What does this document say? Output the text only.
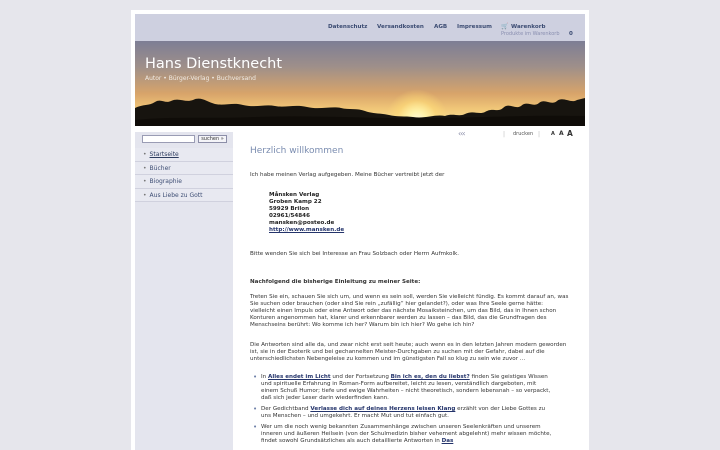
Datenschutz Versandkosten AGB Impressum 🛒 Warenkorb
Produkte im Warenkorb 0
Hans Dienstknecht
Autor • Bürger-Verlag • Buchversand
suchen »
• Startseite
• Bücher
• Biographie
• Aus Liebe zu Gott
‹‹‹	| drucken | A A A
Herzlich willkommen
Ich habe meinen Verlag aufgegeben. Meine Bücher vertreibt jetzt der
Månsken Verlag
Groben Kamp 22
59929 Brilon
02961/54846
mansken@posteo.de
http://www.mansken.de
Bitte wenden Sie sich bei Interesse an Frau Solzbach oder Herrn Aufmkolk.
Nachfolgend die bisherige Einleitung zu meiner Seite:
Treten Sie ein, schauen Sie sich um, und wenn es sein soll, werden Sie vielleicht fündig. Es kommt darauf an, was Sie suchen oder brauchen (oder sind Sie rein „zufällig“ hier gelandet?), oder was Ihre Seele gerne hätte: vielleicht einen Impuls oder eine Antwort oder das nächste Mosaiksteinchen, um das Bild, das in Ihnen schon Konturen angenommen hat, klarer und erkennbarer werden zu lassen – das Bild, das die Grundfragen des Menschseins berührt: Wo komme ich her? Warum bin ich hier? Wo gehe ich hin?
Die Antworten sind alle da, und zwar nicht erst seit heute; auch wenn es in den letzten Jahren modern geworden ist, sie in der Esoterik und bei gechannelten Meister-Durchgaben zu suchen mit der Gefahr, dabei auf die unterschiedlichsten Nebengeleise zu kommen und im günstigsten Fall so klug zu sein wie zuvor ...
• In Alles endet im Licht und der Fortsetzung Bin ich es, den du liebst? finden Sie geistiges Wissen und spirituelle Erfahrung in Roman-Form aufbereitet, leicht zu lesen, verständlich dargeboten, mit einem Schuß Humor; tiefe und ewige Wahrheiten – nicht theoretisch, sondern lebensnah – so verpackt, daß sich jeder Leser darin wiederfinden kann.
• Der Gedichtband Verlasse dich auf deines Herzens leisen Klang erzählt von der Liebe Gottes zu uns Menschen – und umgekehrt. Er macht Mut und tut einfach gut.
• Wer um die noch wenig bekannten Zusammenhänge zwischen unseren Seelenkräften und unserem inneren und äußeren Heilsein (von der Schulmedizin bisher vehement abgelehnt) mehr wissen möchte, findet sowohl Grundsätzliches als auch detaillierte Antworten in Das
